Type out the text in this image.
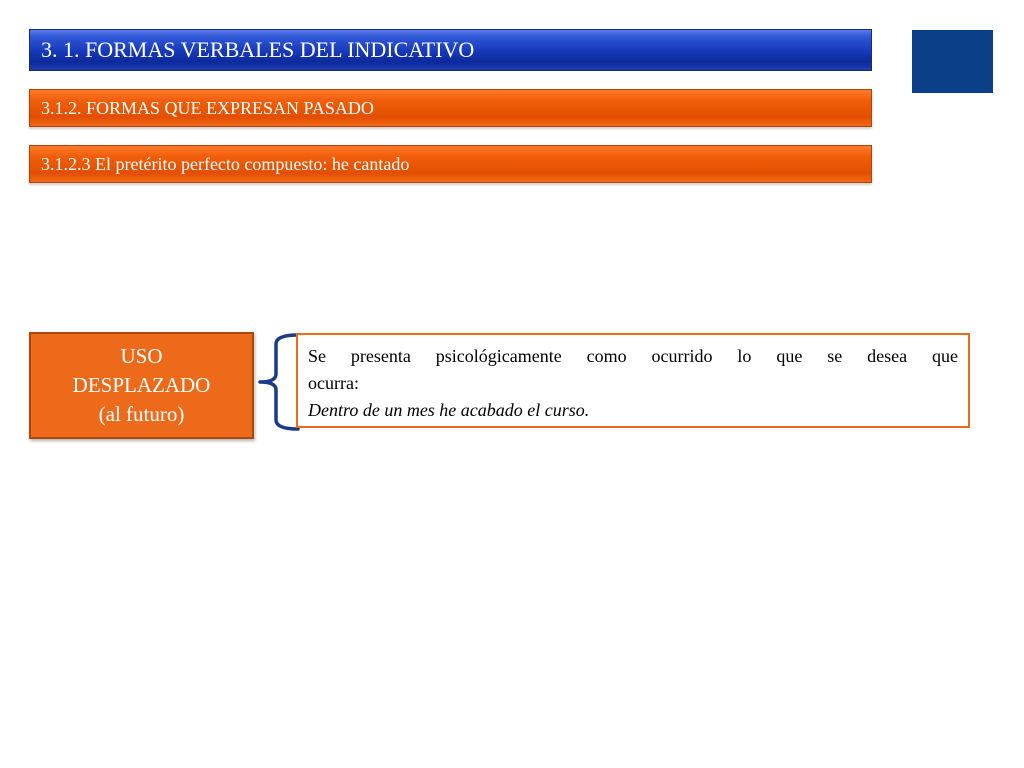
3. 1. FORMAS VERBALES DEL INDICATIVO
3.1.2. FORMAS QUE EXPRESAN PASADO
3.1.2.3 El pretérito perfecto compuesto: he cantado
USO
DESPLAZADO
(al futuro)
Se presenta psicológicamente como ocurrido lo que se desea que
ocurra:
Dentro de un mes he acabado el curso.
